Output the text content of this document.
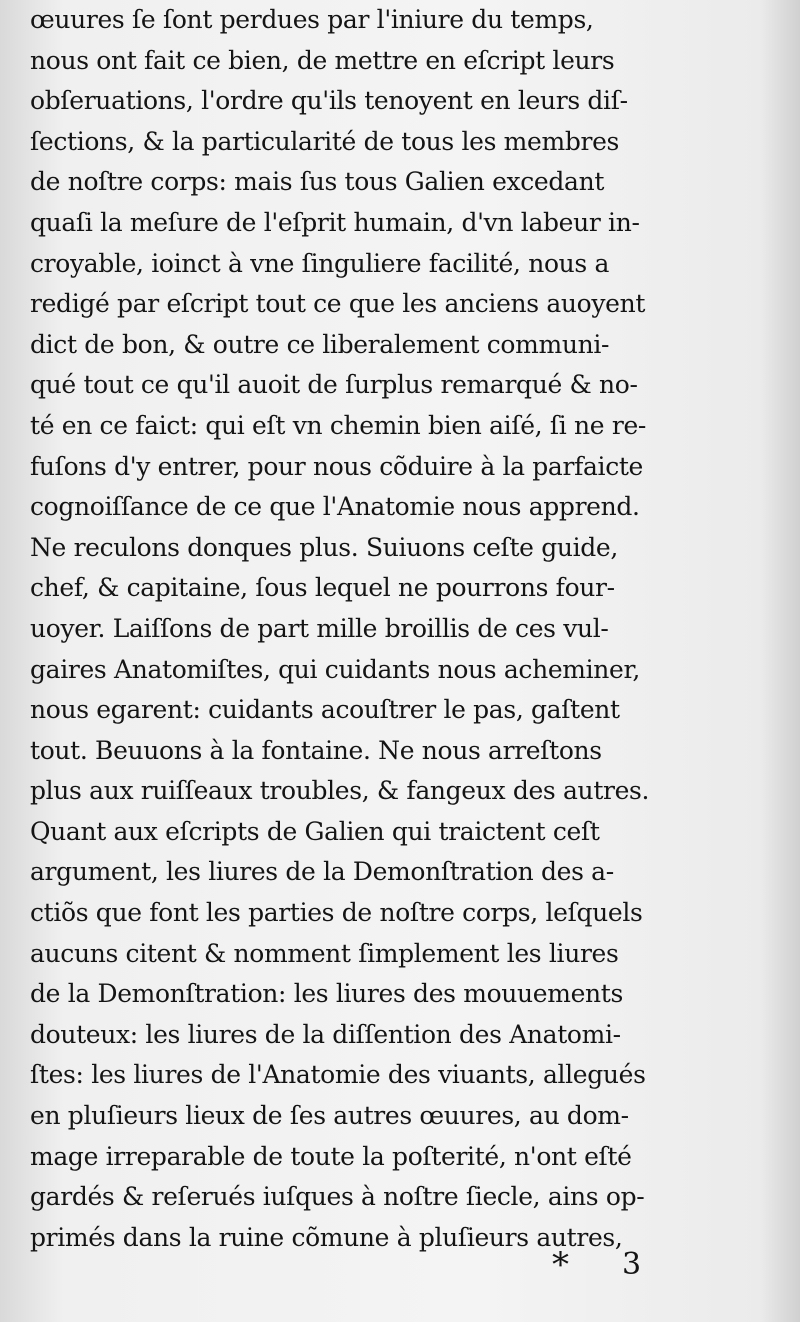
œuures ſe ſont perdues par l'iniure du temps,
nous ont fait ce bien, de mettre en eſcript leurs
obſeruations, l'ordre qu'ils tenoyent en leurs diſ-
ſections, & la particularité de tous les membres
de noſtre corps: mais ſus tous Galien excedant
quaſi la meſure de l'eſprit humain, d'vn labeur in-
croyable, ioinct à vne ſinguliere facilité, nous a
redigé par eſcript tout ce que les anciens auoyent
dict de bon, & outre ce liberalement communi-
qué tout ce qu'il auoit de ſurplus remarqué & no-
té en ce faict: qui eſt vn chemin bien aiſé, ſi ne re-
fuſons d'y entrer, pour nous cõduire à la parfaicte
cognoiſſance de ce que l'Anatomie nous apprend.
Ne reculons donques plus. Suiuons ceſte guide,
chef, & capitaine, ſous lequel ne pourrons four-
uoyer. Laiſſons de part mille broillis de ces vul-
gaires Anatomiſtes, qui cuidants nous acheminer,
nous egarent: cuidants acouſtrer le pas, gaſtent
tout. Beuuons à la fontaine. Ne nous arreſtons
plus aux ruiſſeaux troubles, & fangeux des autres.
Quant aux eſcripts de Galien qui traictent ceſt
argument, les liures de la Demonſtration des a-
ctiõs que font les parties de noſtre corps, leſquels
aucuns citent & nomment ſimplement les liures
de la Demonſtration: les liures des mouuements
douteux: les liures de la diſſention des Anatomi-
ſtes: les liures de l'Anatomie des viuants, allegués
en pluſieurs lieux de ſes autres œuures, au dom-
mage irreparable de toute la poſterité, n'ont eſté
gardés & reſerués iuſques à noſtre ſiecle, ains op-
primés dans la ruine cõmune à pluſieurs autres,
* 3
